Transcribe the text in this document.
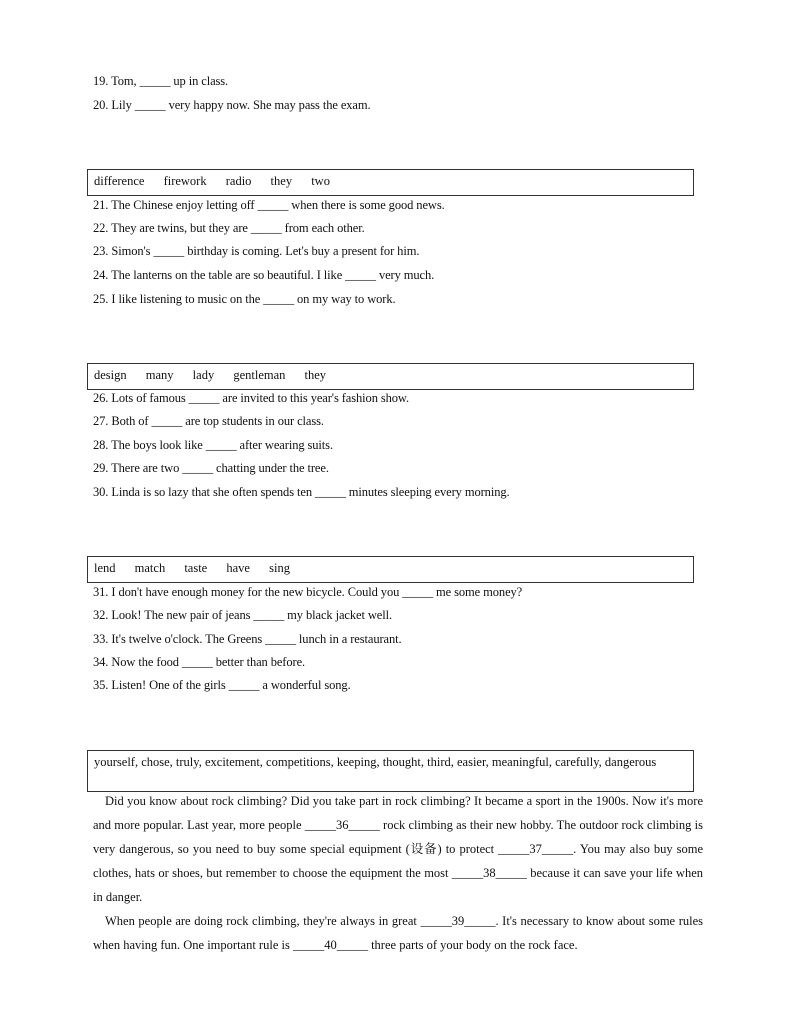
19. Tom, _____ up in class.
20. Lily _____ very happy now. She may pass the exam.
difference firework radio they two
21. The Chinese enjoy letting off _____ when there is some good news.
22. They are twins, but they are _____ from each other.
23. Simon's _____ birthday is coming. Let's buy a present for him.
24. The lanterns on the table are so beautiful. I like _____ very much.
25. I like listening to music on the _____ on my way to work.
design many lady gentleman they
26. Lots of famous _____ are invited to this year's fashion show.
27. Both of _____ are top students in our class.
28. The boys look like _____ after wearing suits.
29. There are two _____ chatting under the tree.
30. Linda is so lazy that she often spends ten _____ minutes sleeping every morning.
lend match taste have sing
31. I don't have enough money for the new bicycle. Could you _____ me some money?
32. Look! The new pair of jeans _____ my black jacket well.
33. It's twelve o'clock. The Greens _____ lunch in a restaurant.
34. Now the food _____ better than before.
35. Listen! One of the girls _____ a wonderful song.
yourself, chose, truly, excitement, competitions, keeping, thought, third, easier, meaningful, carefully, dangerous

Did you know about rock climbing? Did you take part in rock climbing? It became a sport in the 1900s. Now it's more and more popular. Last year, more people _____36_____ rock climbing as their new hobby. The outdoor rock climbing is very dangerous, so you need to buy some special equipment (设备) to protect _____37_____. You may also buy some clothes, hats or shoes, but remember to choose the equipment the most _____38_____ because it can save your life when in danger.

When people are doing rock climbing, they're always in great _____39_____. It's necessary to know about some rules when having fun. One important rule is _____40_____ three parts of your body on the rock face.
